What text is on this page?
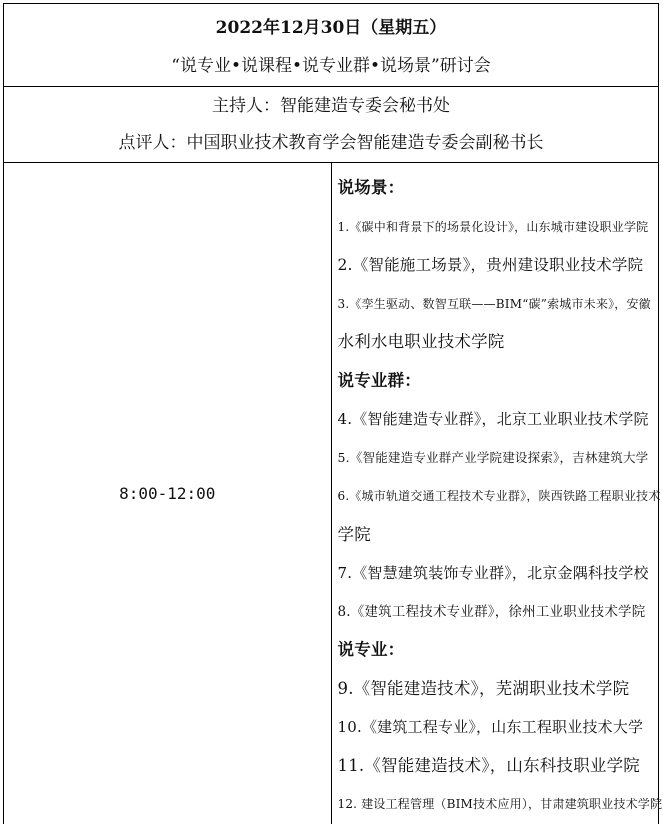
2022年12月30日（星期五）
“说专业•说课程•说专业群•说场景”研讨会

主持人：智能建造专委会秘书处
点评人：中国职业技术教育学会智能建造专委会副秘书长

8:00-12:00	
说场景：
1.《碳中和背景下的场景化设计》，山东城市建设职业学院
2.《智能施工场景》，贵州建设职业技术学院
3.《孪生驱动、数智互联——BIM“碳”索城市未来》，安徽
水利水电职业技术学院
说专业群：
4.《智能建造专业群》，北京工业职业技术学院
5.《智能建造专业群产业学院建设探索》，吉林建筑大学
6.《城市轨道交通工程技术专业群》，陕西铁路工程职业技术
学院
7.《智慧建筑装饰专业群》，北京金隅科技学校
8.《建筑工程技术专业群》，徐州工业职业技术学院
说专业：
9.《智能建造技术》，芜湖职业技术学院
10.《建筑工程专业》，山东工程职业技术大学
11.《智能建造技术》，山东科技职业学院
12. 建设工程管理（BIM技术应用），甘肃建筑职业技术学院
